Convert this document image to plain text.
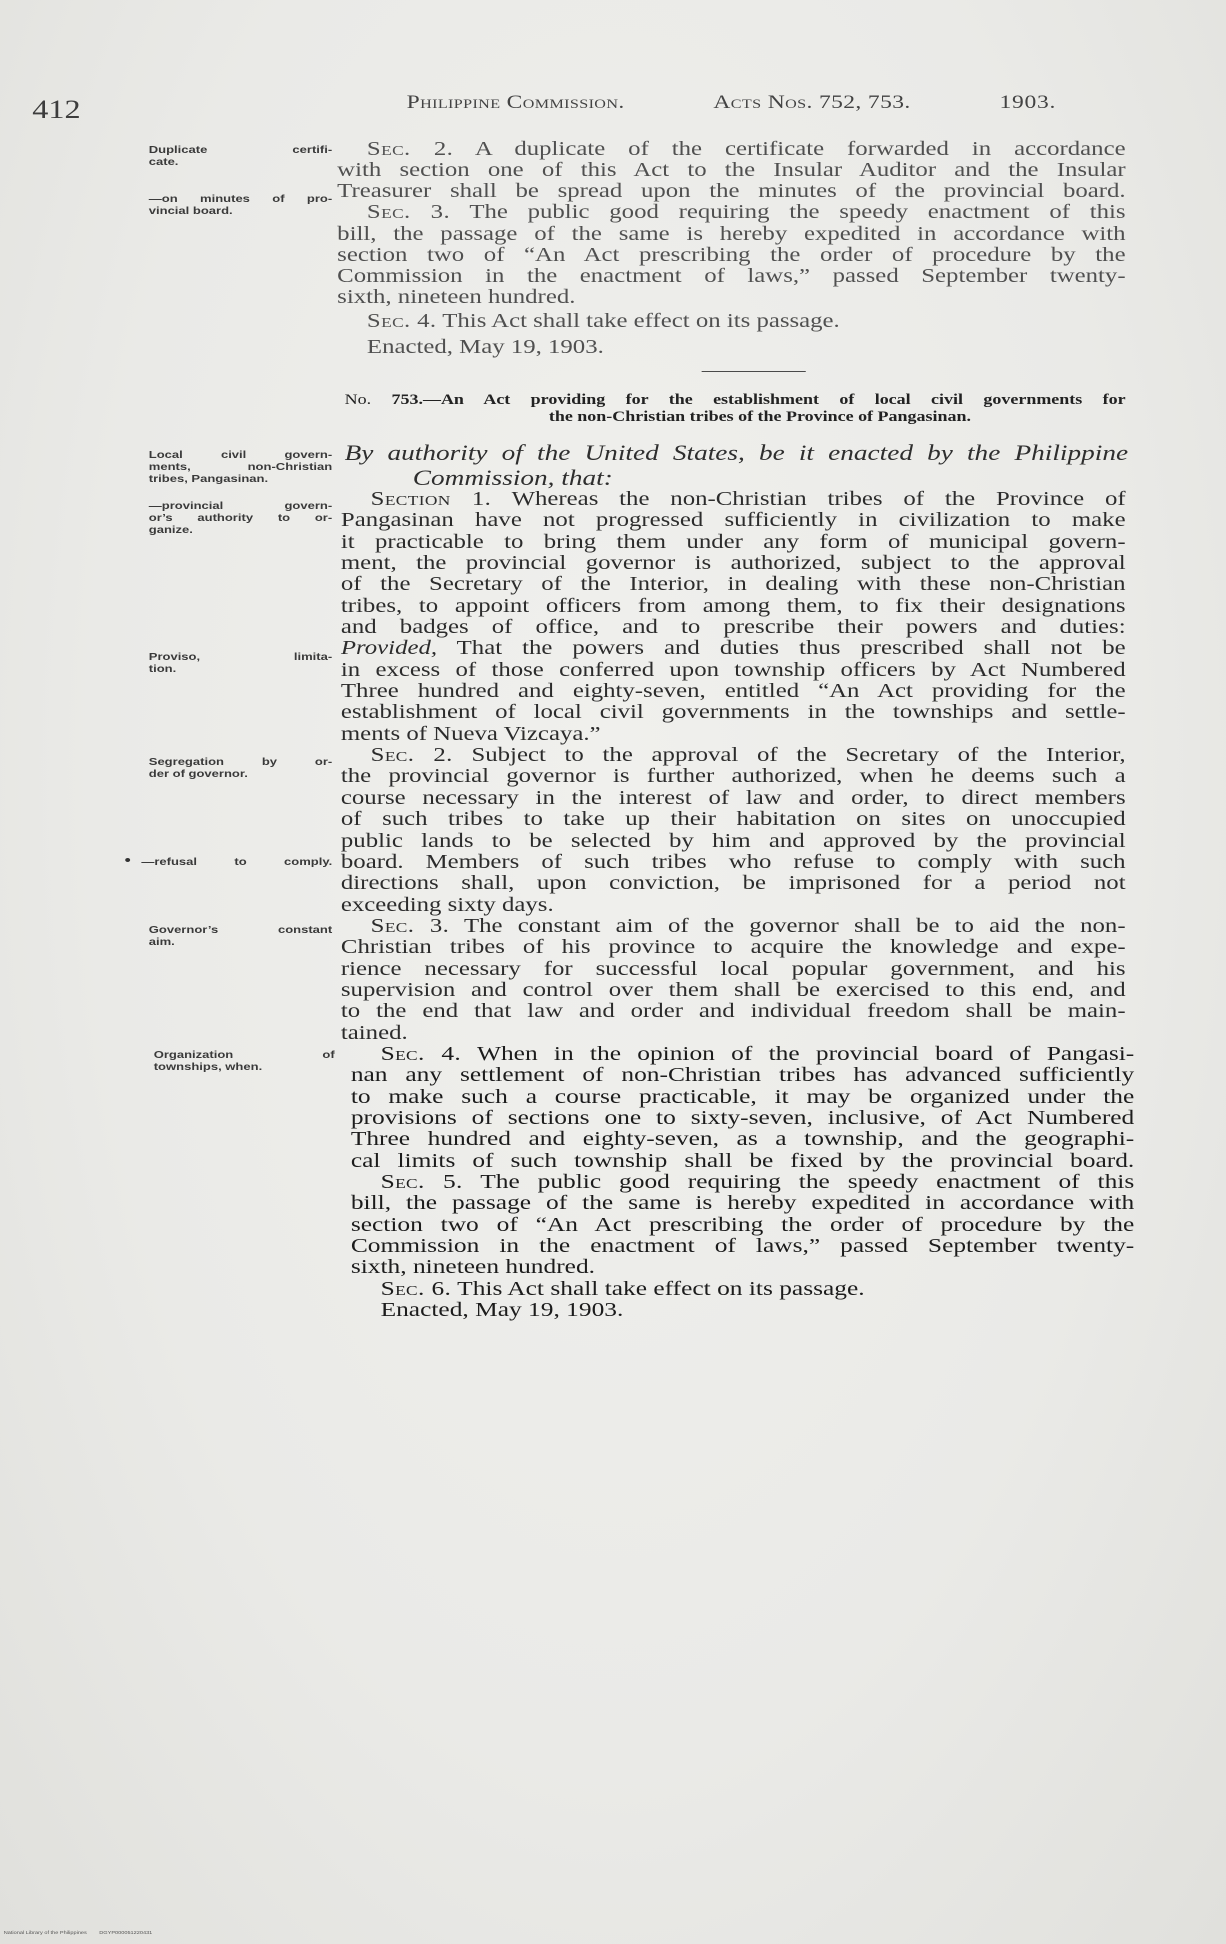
412	Philippine Commission.	Acts Nos. 752, 753.	1903.
Sec. 2. A duplicate of the certificate forwarded in accordance
with section one of this Act to the Insular Auditor and the Insular
Treasurer shall be spread upon the minutes of the provincial board.
Sec. 3. The public good requiring the speedy enactment of this
bill, the passage of the same is hereby expedited in accordance with
section two of “An Act prescribing the order of procedure by the
Commission in the enactment of laws,” passed September twenty-
sixth, nineteen hundred.
Sec. 4. This Act shall take effect on its passage.
Enacted, May 19, 1903.
No. 753.—An Act providing for the establishment of local civil governments for
the non-Christian tribes of the Province of Pangasinan.
By authority of the United States, be it enacted by the Philippine
Commission, that:
Section 1. Whereas the non-Christian tribes of the Province of
Pangasinan have not progressed sufficiently in civilization to make
it practicable to bring them under any form of municipal govern-
ment, the provincial governor is authorized, subject to the approval
of the Secretary of the Interior, in dealing with these non-Christian
tribes, to appoint officers from among them, to fix their designations
and badges of office, and to prescribe their powers and duties:
Provided, That the powers and duties thus prescribed shall not be
in excess of those conferred upon township officers by Act Numbered
Three hundred and eighty-seven, entitled “An Act providing for the
establishment of local civil governments in the townships and settle-
ments of Nueva Vizcaya.”
Sec. 2. Subject to the approval of the Secretary of the Interior,
the provincial governor is further authorized, when he deems such a
course necessary in the interest of law and order, to direct members
of such tribes to take up their habitation on sites on unoccupied
public lands to be selected by him and approved by the provincial
board. Members of such tribes who refuse to comply with such
directions shall, upon conviction, be imprisoned for a period not
exceeding sixty days.
Sec. 3. The constant aim of the governor shall be to aid the non-
Christian tribes of his province to acquire the knowledge and expe-
rience necessary for successful local popular government, and his
supervision and control over them shall be exercised to this end, and
to the end that law and order and individual freedom shall be main-
tained.
Sec. 4. When in the opinion of the provincial board of Pangasi-
nan any settlement of non-Christian tribes has advanced sufficiently
to make such a course practicable, it may be organized under the
provisions of sections one to sixty-seven, inclusive, of Act Numbered
Three hundred and eighty-seven, as a township, and the geographi-
cal limits of such township shall be fixed by the provincial board.
Sec. 5. The public good requiring the speedy enactment of this
bill, the passage of the same is hereby expedited in accordance with
section two of “An Act prescribing the order of procedure by the
Commission in the enactment of laws,” passed September twenty-
sixth, nineteen hundred.
Sec. 6. This Act shall take effect on its passage.
Enacted, May 19, 1903.
Duplicate certifi-
cate.
—on minutes of pro-
vincial board.
Local civil govern-
ments, non-Christian
tribes, Pangasinan.
—provincial govern-
or’s authority to or-
ganize.
Proviso, limita-
tion.
Segregation by or-
der of governor.
—refusal to comply.
Governor’s constant
aim.
Organization of
townships, when.
National Library of the Philippines	DGYP000051220431
